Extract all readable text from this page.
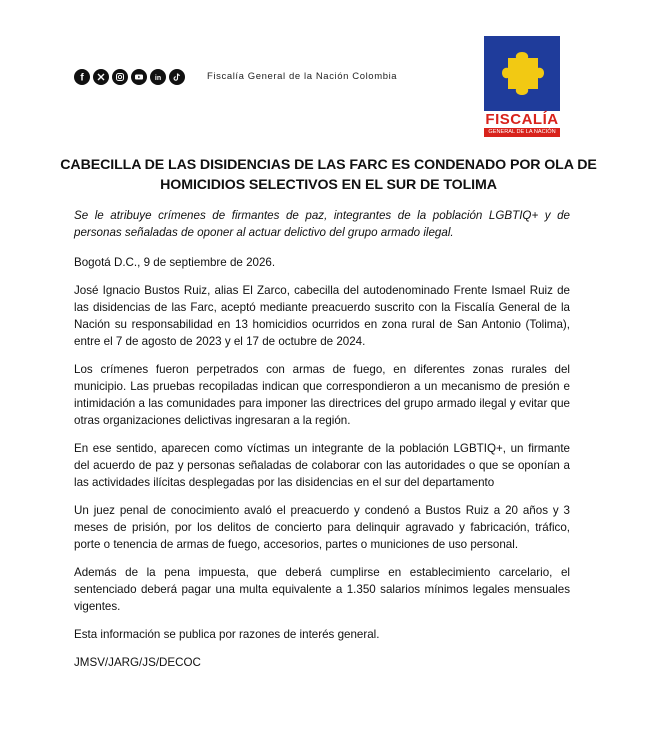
f	in	Fiscalía General de la Nación Colombia
FISCALÍA
GENERAL DE LA NACIÓN
CABECILLA DE LAS DISIDENCIAS DE LAS FARC ES CONDENADO POR OLA DE HOMICIDIOS SELECTIVOS EN EL SUR DE TOLIMA

Se le atribuye crímenes de firmantes de paz, integrantes de la población LGBTIQ+ y de personas señaladas de oponer al actuar delictivo del grupo armado ilegal.

Bogotá D.C., 9 de septiembre de 2026.

José Ignacio Bustos Ruiz, alias El Zarco, cabecilla del autodenominado Frente Ismael Ruiz de las disidencias de las Farc, aceptó mediante preacuerdo suscrito con la Fiscalía General de la Nación su responsabilidad en 13 homicidios ocurridos en zona rural de San Antonio (Tolima), entre el 7 de agosto de 2023 y el 17 de octubre de 2024.

Los crímenes fueron perpetrados con armas de fuego, en diferentes zonas rurales del municipio. Las pruebas recopiladas indican que correspondieron a un mecanismo de presión e intimidación a las comunidades para imponer las directrices del grupo armado ilegal y evitar que otras organizaciones delictivas ingresaran a la región.

En ese sentido, aparecen como víctimas un integrante de la población LGBTIQ+, un firmante del acuerdo de paz y personas señaladas de colaborar con las autoridades o que se oponían a las actividades ilícitas desplegadas por las disidencias en el sur del departamento

Un juez penal de conocimiento avaló el preacuerdo y condenó a Bustos Ruiz a 20 años y 3 meses de prisión, por los delitos de concierto para delinquir agravado y fabricación, tráfico, porte o tenencia de armas de fuego, accesorios, partes o municiones de uso personal.

Además de la pena impuesta, que deberá cumplirse en establecimiento carcelario, el sentenciado deberá pagar una multa equivalente a 1.350 salarios mínimos legales mensuales vigentes.

Esta información se publica por razones de interés general.

JMSV/JARG/JS/DECOC
